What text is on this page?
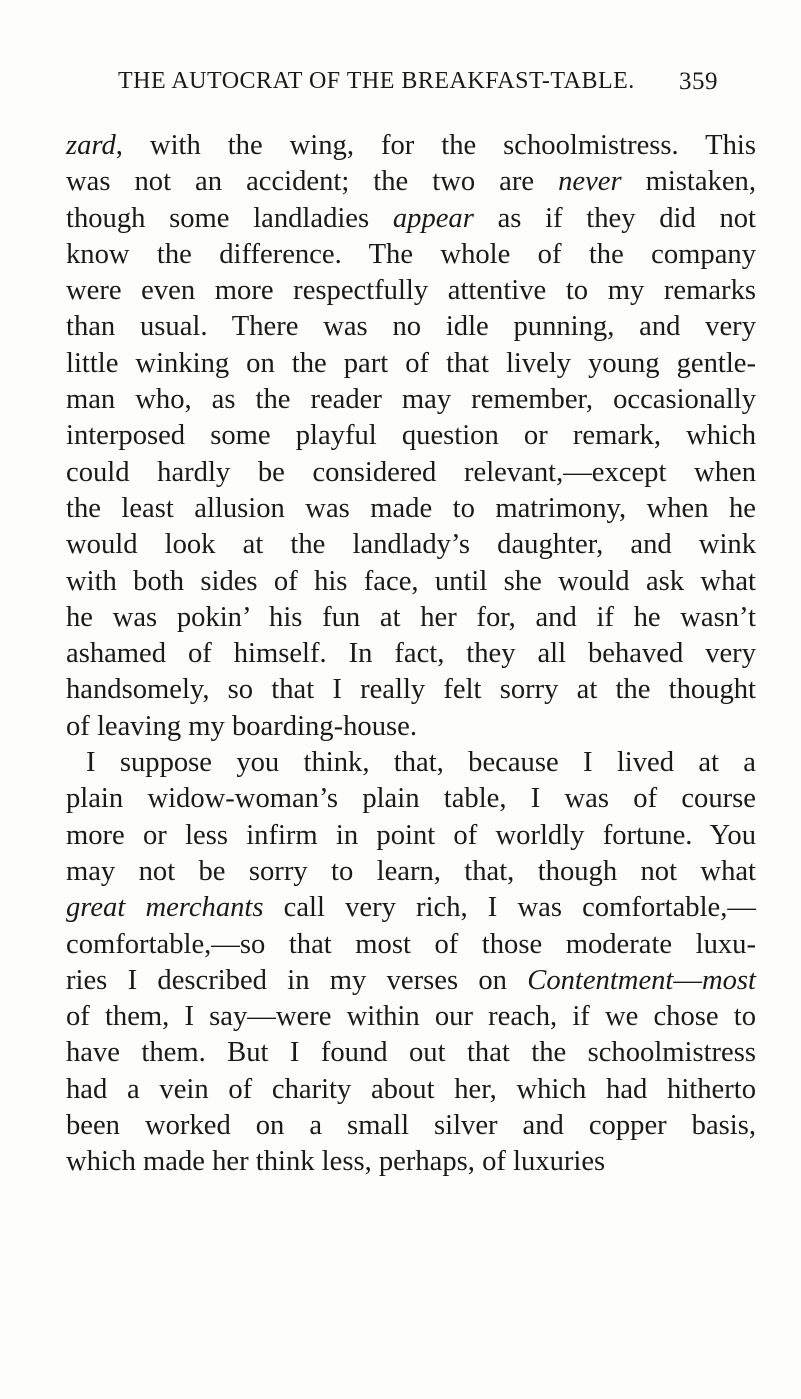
THE AUTOCRAT OF THE BREAKFAST-TABLE. 359
zard, with the wing, for the schoolmistress. This
was not an accident; the two are never mistaken,
though some landladies appear as if they did not
know the difference. The whole of the company
were even more respectfully attentive to my remarks
than usual. There was no idle punning, and very
little winking on the part of that lively young gentle-
man who, as the reader may remember, occasionally
interposed some playful question or remark, which
could hardly be considered relevant,—except when
the least allusion was made to matrimony, when he
would look at the landlady’s daughter, and wink
with both sides of his face, until she would ask what
he was pokin’ his fun at her for, and if he wasn’t
ashamed of himself. In fact, they all behaved very
handsomely, so that I really felt sorry at the thought
of leaving my boarding-house.
I suppose you think, that, because I lived at a
plain widow-woman’s plain table, I was of course
more or less infirm in point of worldly fortune. You
may not be sorry to learn, that, though not what
great merchants call very rich, I was comfortable,—
comfortable,—so that most of those moderate luxu-
ries I described in my verses on Contentment—most
of them, I say—were within our reach, if we chose to
have them. But I found out that the schoolmistress
had a vein of charity about her, which had hitherto
been worked on a small silver and copper basis,
which made her think less, perhaps, of luxuries
